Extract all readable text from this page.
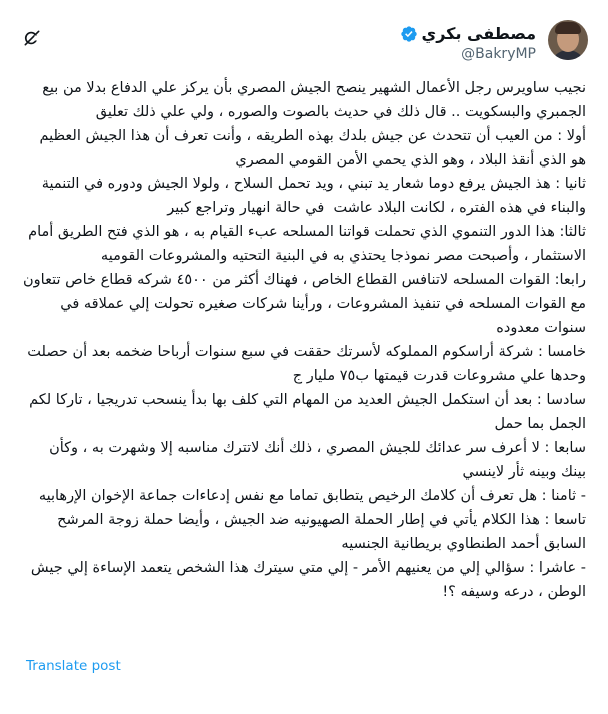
مصطفى بكري
@BakryMP

نجيب ساويرس رجل الأعمال الشهير ينصح الجيش المصري بأن يركز علي الدفاع بدلا من بيع الجمبري والبسكويت .. قال ذلك في حديث بالصوت والصوره ، ولي علي ذلك تعليق

أولا : من العيب أن تتحدث عن جيش بلدك بهذه الطريقه ، وأنت تعرف أن هذا الجيش العظيم هو الذي أنقذ البلاد ، وهو الذي يحمي الأمن القومي المصري

ثانيا : هذ الجيش يرفع دوما شعار يد تبني ، ويد تحمل السلاح ، ولولا الجيش ودوره في التنمية والبناء في هذه الفتره ، لكانت البلاد عاشت  في حالة انهيار وتراجع كبير

ثالثا: هذا الدور التنموي الذي تحملت قواتنا المسلحه عبء القيام به ، هو الذي فتح الطريق أمام الاستثمار ، وأصبحت مصر نموذجا يحتذي به في البنية التحتيه والمشروعات القوميه

رابعا: القوات المسلحه لاتنافس القطاع الخاص ، فهناك أكثر من ٤٥٠٠ شركه قطاع خاص تتعاون مع القوات المسلحه في تنفيذ المشروعات ، ورأينا شركات صغيره تحولت إلي عملاقه في سنوات معدوده

خامسا : شركة أراسكوم المملوكه لأسرتك حققت في سبع سنوات أرباحا ضخمه بعد أن حصلت وحدها علي مشروعات قدرت قيمتها ب٧٥ مليار ج

سادسا : بعد أن استكمل الجيش العديد من المهام التي كلف بها بدأ ينسحب تدريجيا ، تاركا لكم الجمل بما حمل

سابعا : لا أعرف سر عدائك للجيش المصري ، ذلك أنك لاتترك مناسبه إلا وشهرت به ، وكأن بينك وبينه ثأر لاينسي

- ثامنا : هل تعرف أن كلامك الرخيص يتطابق تماما مع نفس إدعاءات جماعة الإخوان الإرهابيه

تاسعا : هذا الكلام يأتي في إطار الحملة الصهيونيه ضد الجيش ، وأيضا حملة زوجة المرشح السابق أحمد الطنطاوي بريطانية الجنسيه

- عاشرا : سؤالي إلي من يعنيهم الأمر - إلي متي سيترك هذا الشخص يتعمد الإساءة إلي جيش الوطن ، درعه وسيفه ؟!

Translate post
